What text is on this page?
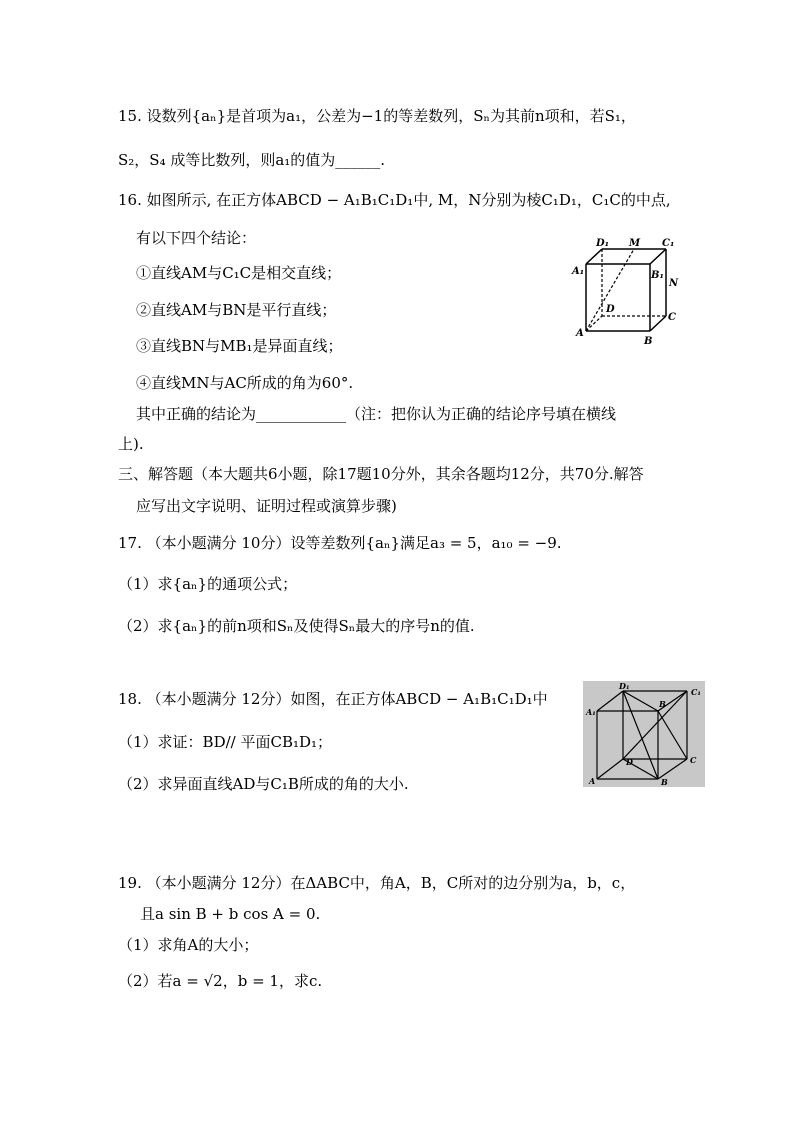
15. 设数列{aₙ}是首项为a₁，公差为−1的等差数列，Sₙ为其前n项和，若S₁，
S₂，S₄ 成等比数列，则a₁的值为______.
16. 如图所示, 在正方体ABCD − A₁B₁C₁D₁中, M，N分别为棱C₁D₁，C₁C的中点,
有以下四个结论：
①直线AM与C₁C是相交直线；
②直线AM与BN是平行直线；
③直线BN与MB₁是异面直线；
④直线MN与AC所成的角为60°.
其中正确的结论为____________（注：把你认为正确的结论序号填在横线
上).
D₁ M C₁
A₁	B₁
N
D
C
A
B
三、解答题（本大题共6小题，除17题10分外，其余各题均12分，共70分.解答
应写出文字说明、证明过程或演算步骤)
17. （本小题满分 10分）设等差数列{aₙ}满足a₃ = 5，a₁₀ = −9.
（1）求{aₙ}的通项公式；
（2）求{aₙ}的前n项和Sₙ及使得Sₙ最大的序号n的值.
18. （本小题满分 12分）如图，在正方体ABCD − A₁B₁C₁D₁中
（1）求证：BD// 平面CB₁D₁；
（2）求异面直线AD与C₁B所成的角的大小.
D₁
C₁
A₁
B
D	C
A	B
19. （本小题满分 12分）在ΔABC中，角A，B，C所对的边分别为a，b，c，
且a sin B + b cos A = 0.
（1）求角A的大小；
（2）若a = √2，b = 1，求c.
